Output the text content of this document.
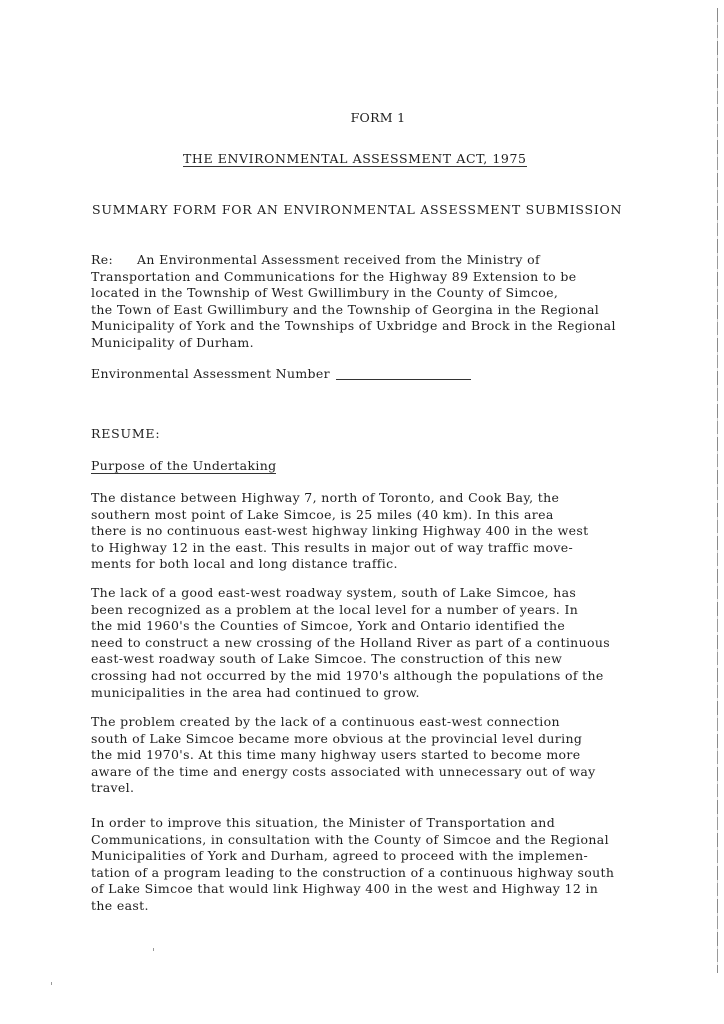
FORM 1
THE ENVIRONMENTAL ASSESSMENT ACT, 1975
SUMMARY FORM FOR AN ENVIRONMENTAL ASSESSMENT SUBMISSION
Re: An Environmental Assessment received from the Ministry of
Transportation and Communications for the Highway 89 Extension to be
located in the Township of West Gwillimbury in the County of Simcoe,
the Town of East Gwillimbury and the Township of Georgina in the Regional
Municipality of York and the Townships of Uxbridge and Brock in the Regional
Municipality of Durham.
Environmental Assessment Number
RESUME:
Purpose of the Undertaking
The distance between Highway 7, north of Toronto, and Cook Bay, the
southern most point of Lake Simcoe, is 25 miles (40 km). In this area
there is no continuous east-west highway linking Highway 400 in the west
to Highway 12 in the east. This results in major out of way traffic move-
ments for both local and long distance traffic.
The lack of a good east-west roadway system, south of Lake Simcoe, has
been recognized as a problem at the local level for a number of years. In
the mid 1960's the Counties of Simcoe, York and Ontario identified the
need to construct a new crossing of the Holland River as part of a continuous
east-west roadway south of Lake Simcoe. The construction of this new
crossing had not occurred by the mid 1970's although the populations of the
municipalities in the area had continued to grow.
The problem created by the lack of a continuous east-west connection
south of Lake Simcoe became more obvious at the provincial level during
the mid 1970's. At this time many highway users started to become more
aware of the time and energy costs associated with unnecessary out of way
travel.
In order to improve this situation, the Minister of Transportation and
Communications, in consultation with the County of Simcoe and the Regional
Municipalities of York and Durham, agreed to proceed with the implemen-
tation of a program leading to the construction of a continuous highway south
of Lake Simcoe that would link Highway 400 in the west and Highway 12 in
the east.
